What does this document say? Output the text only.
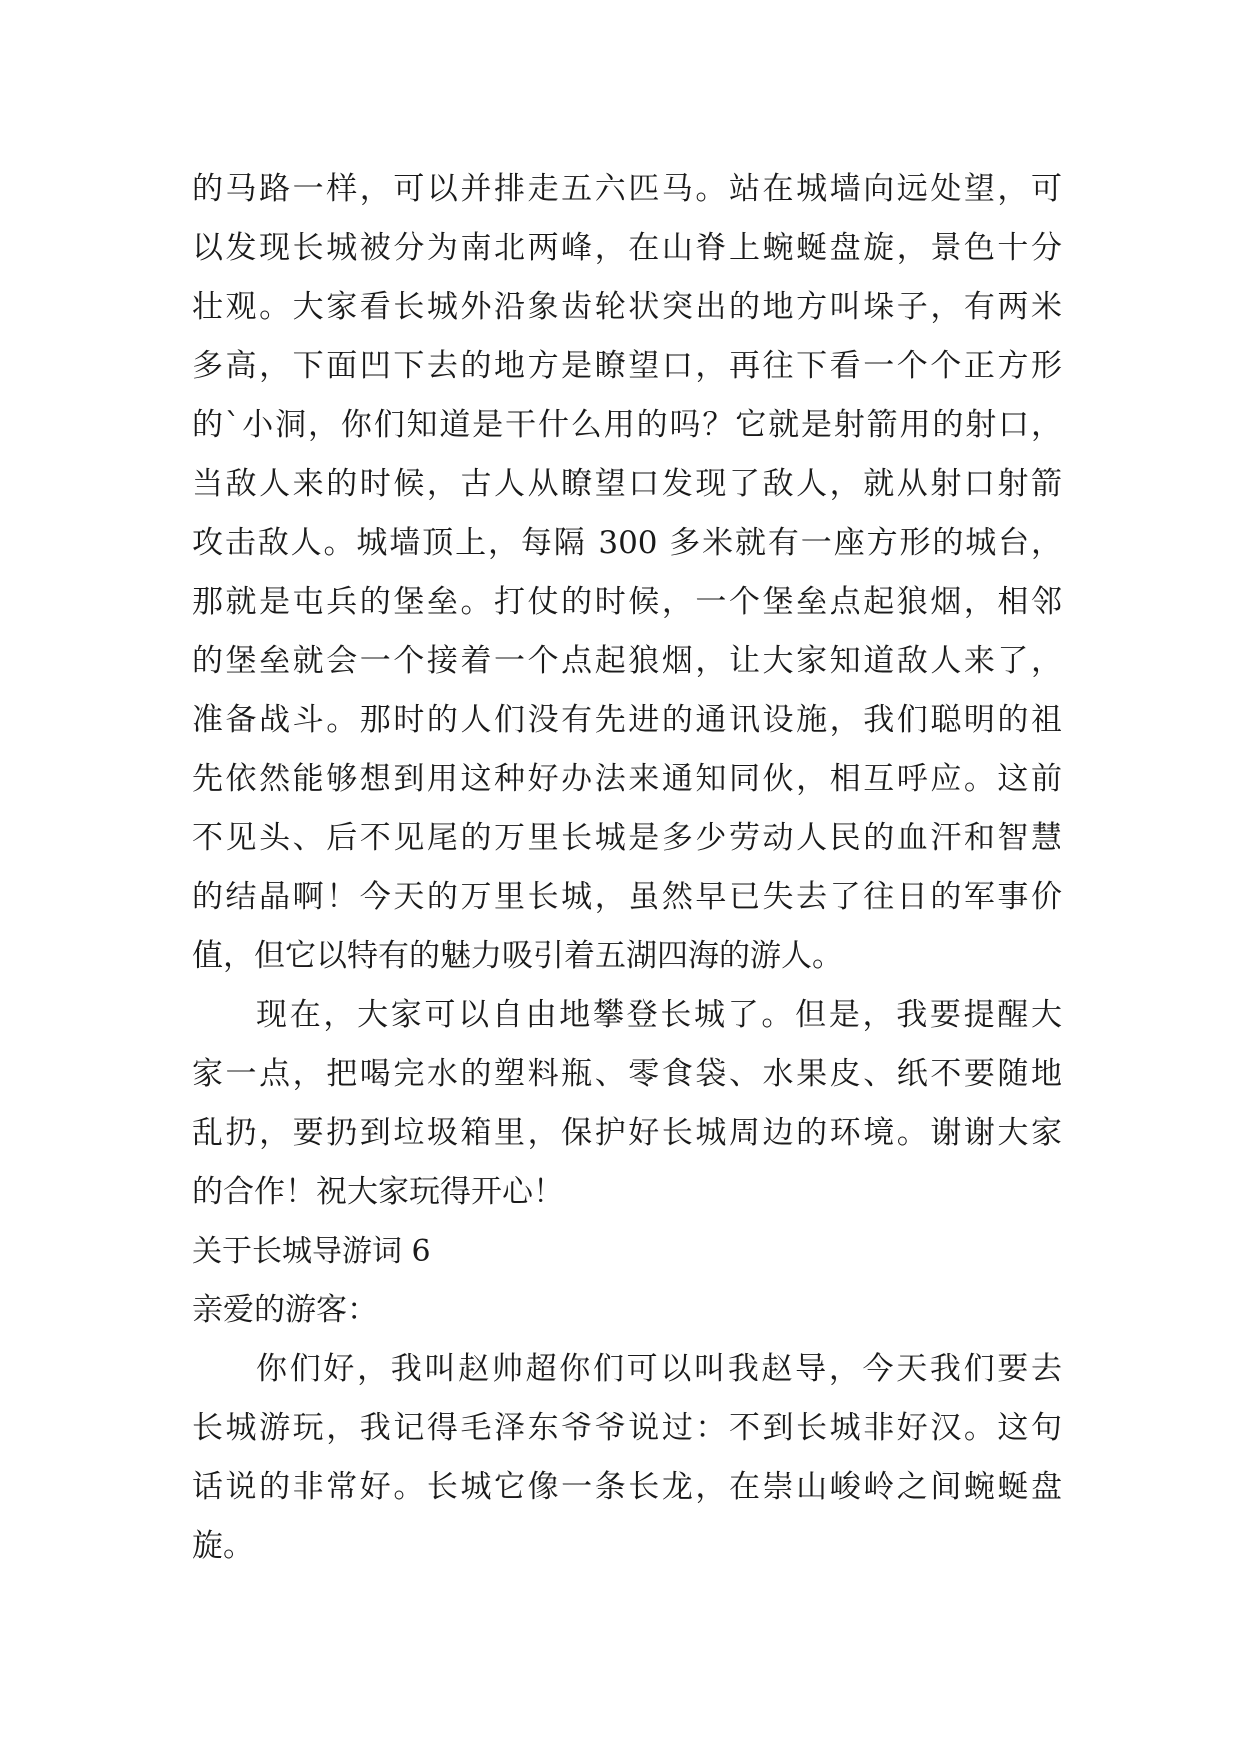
的马路一样，可以并排走五六匹马。站在城墙向远处望，可
以发现长城被分为南北两峰，在山脊上蜿蜒盘旋，景色十分
壮观。大家看长城外沿象齿轮状突出的地方叫垛子，有两米
多高，下面凹下去的地方是瞭望口，再往下看一个个正方形
的`小洞，你们知道是干什么用的吗？它就是射箭用的射口，
当敌人来的时候，古人从瞭望口发现了敌人，就从射口射箭
攻击敌人。城墙顶上，每隔 300 多米就有一座方形的城台，
那就是屯兵的堡垒。打仗的时候，一个堡垒点起狼烟，相邻
的堡垒就会一个接着一个点起狼烟，让大家知道敌人来了，
准备战斗。那时的人们没有先进的通讯设施，我们聪明的祖
先依然能够想到用这种好办法来通知同伙，相互呼应。这前
不见头、后不见尾的万里长城是多少劳动人民的血汗和智慧
的结晶啊！今天的万里长城，虽然早已失去了往日的军事价
值，但它以特有的魅力吸引着五湖四海的游人。
现在，大家可以自由地攀登长城了。但是，我要提醒大
家一点，把喝完水的塑料瓶、零食袋、水果皮、纸不要随地
乱扔，要扔到垃圾箱里，保护好长城周边的环境。谢谢大家
的合作！祝大家玩得开心！
关于长城导游词 6
亲爱的游客：
你们好，我叫赵帅超你们可以叫我赵导，今天我们要去
长城游玩，我记得毛泽东爷爷说过：不到长城非好汉。这句
话说的非常好。长城它像一条长龙，在崇山峻岭之间蜿蜒盘
旋。
